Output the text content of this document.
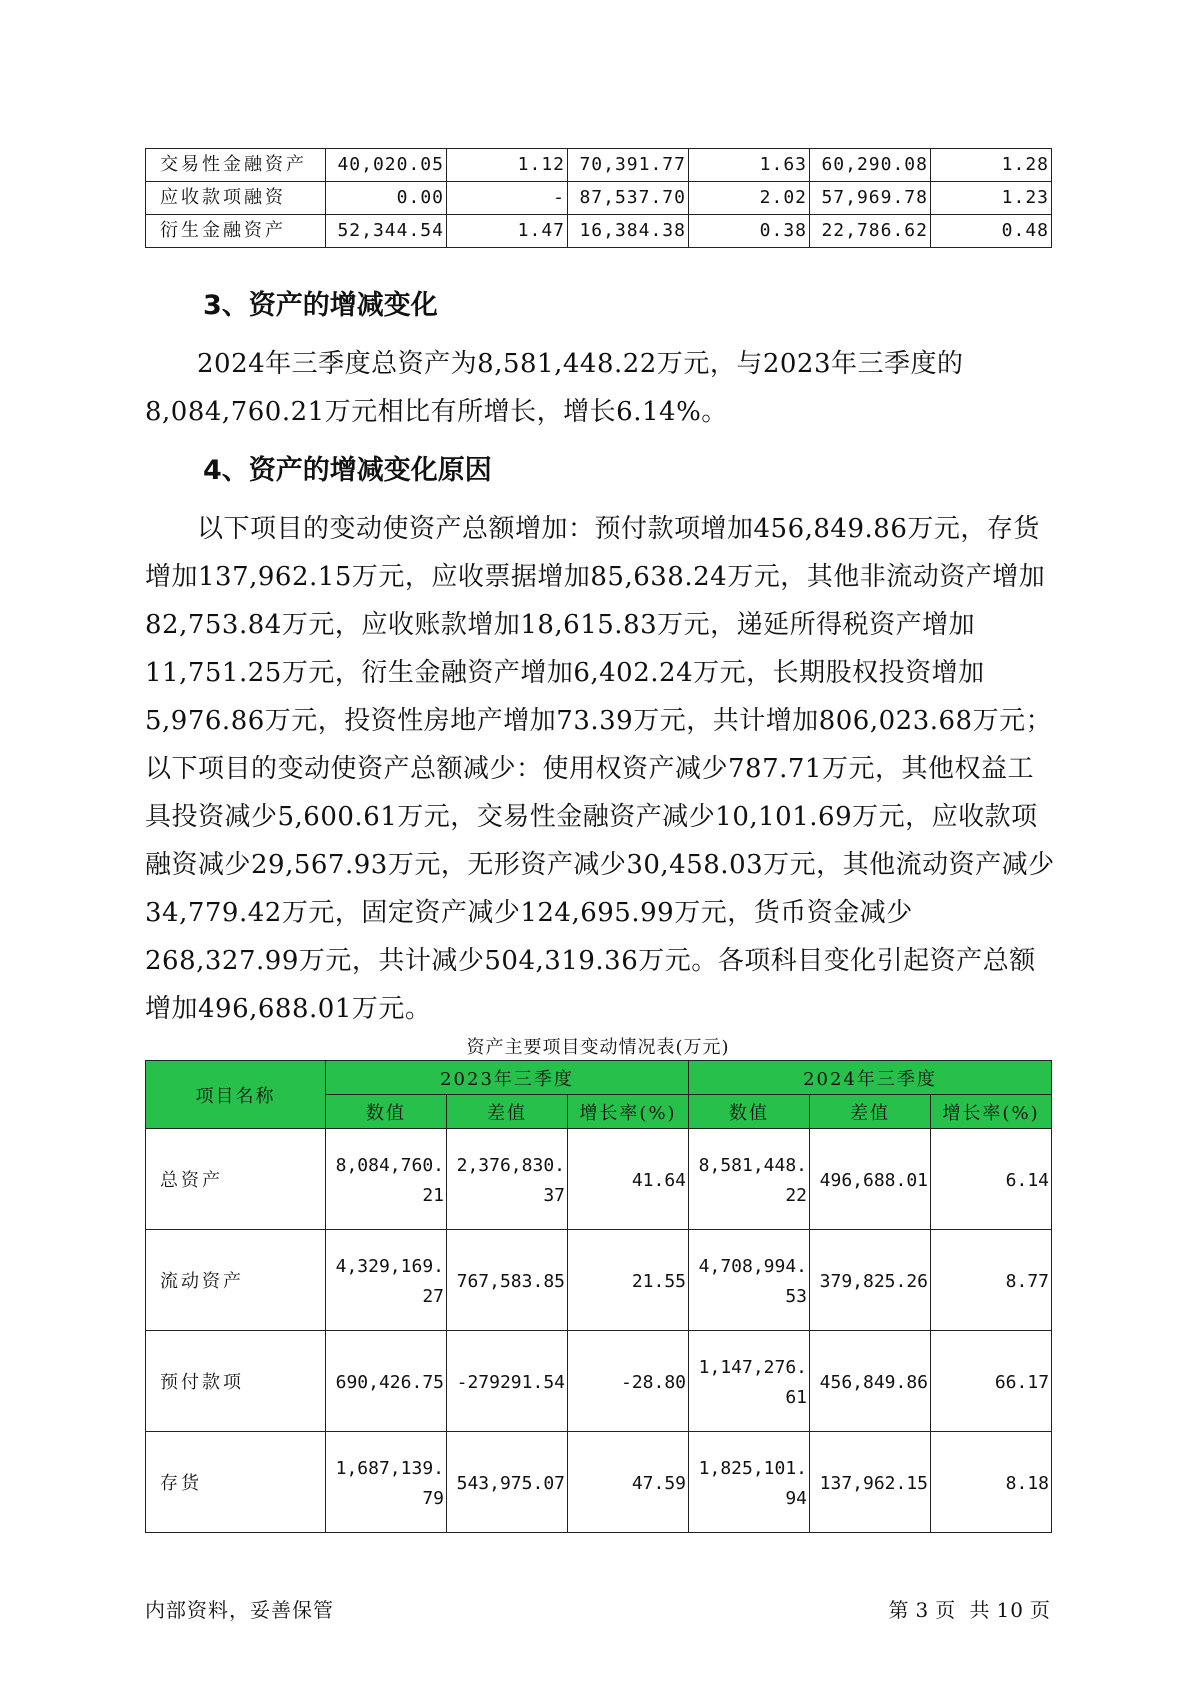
交易性金融资产	40,020.05	1.12	70,391.77	1.63	60,290.08	1.28
应收款项融资	0.00	-	87,537.70	2.02	57,969.78	1.23
衍生金融资产	52,344.54	1.47	16,384.38	0.38	22,786.62	0.48
3、资产的增减变化

2024年三季度总资产为8,581,448.22万元，与2023年三季度的8,084,760.21万元相比有所增长，增长6.14%。

4、资产的增减变化原因

以下项目的变动使资产总额增加：预付款项增加456,849.86万元，存货增加137,962.15万元，应收票据增加85,638.24万元，其他非流动资产增加82,753.84万元，应收账款增加18,615.83万元，递延所得税资产增加11,751.25万元，衍生金融资产增加6,402.24万元，长期股权投资增加5,976.86万元，投资性房地产增加73.39万元，共计增加806,023.68万元；以下项目的变动使资产总额减少：使用权资产减少787.71万元，其他权益工具投资减少5,600.61万元，交易性金融资产减少10,101.69万元，应收款项融资减少29,567.93万元，无形资产减少30,458.03万元，其他流动资产减少34,779.42万元，固定资产减少124,695.99万元，货币资金减少268,327.99万元，共计减少504,319.36万元。各项科目变化引起资产总额增加496,688.01万元。

资产主要项目变动情况表(万元)
项目名称	2023年三季度			2024年三季度		
	数值	差值	增长率(%)	数值	差值	增长率(%)
总资产	8,084,760.21	2,376,830.37	41.64	8,581,448.22	496,688.01	6.14
流动资产	4,329,169.27	767,583.85	21.55	4,708,994.53	379,825.26	8.77
预付款项	690,426.75	-279291.54	-28.80	1,147,276.61	456,849.86	66.17
存货	1,687,139.79	543,975.07	47.59	1,825,101.94	137,962.15	8.18
内部资料，妥善保管	第 3 页 共 10 页
